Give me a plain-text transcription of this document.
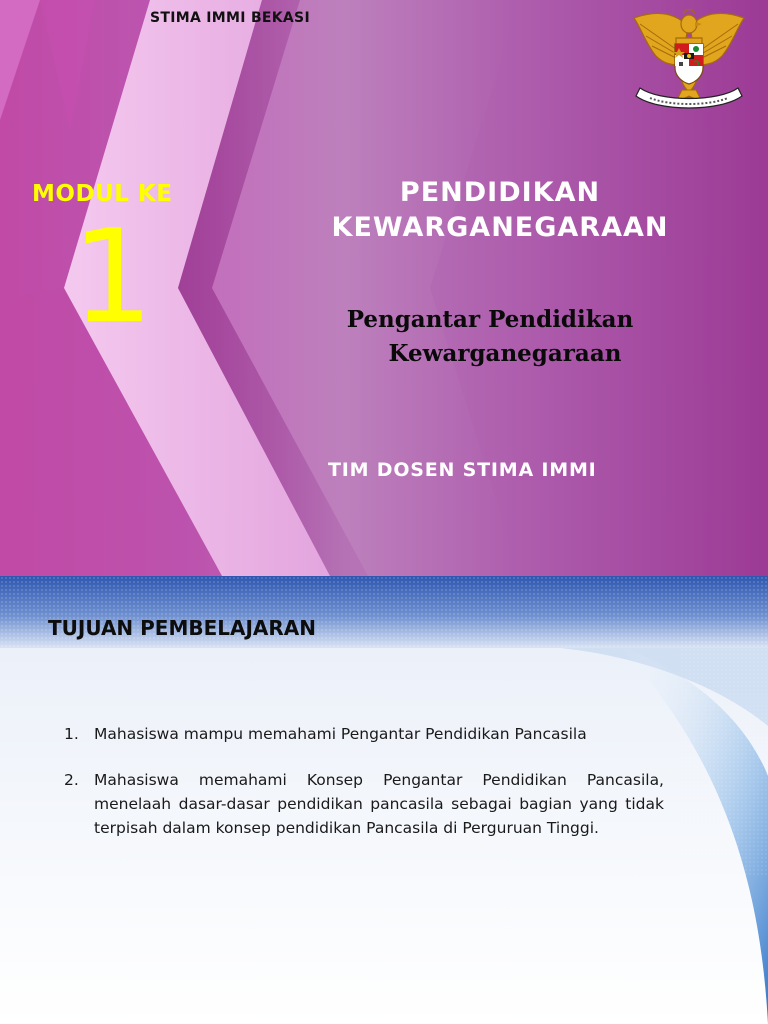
STIMA IMMI BEKASI
MODUL KE
1
PENDIDIKAN
KEWARGANEGARAAN
Pengantar Pendidikan
Kewarganegaraan
TIM DOSEN STIMA IMMI
TUJUAN PEMBELAJARAN
1. Mahasiswa mampu memahami Pengantar Pendidikan Pancasila
2. Mahasiswa memahami Konsep Pengantar Pendidikan Pancasila, menelaah dasar-dasar pendidikan pancasila sebagai bagian yang tidak terpisah dalam konsep pendidikan Pancasila di Perguruan Tinggi.
